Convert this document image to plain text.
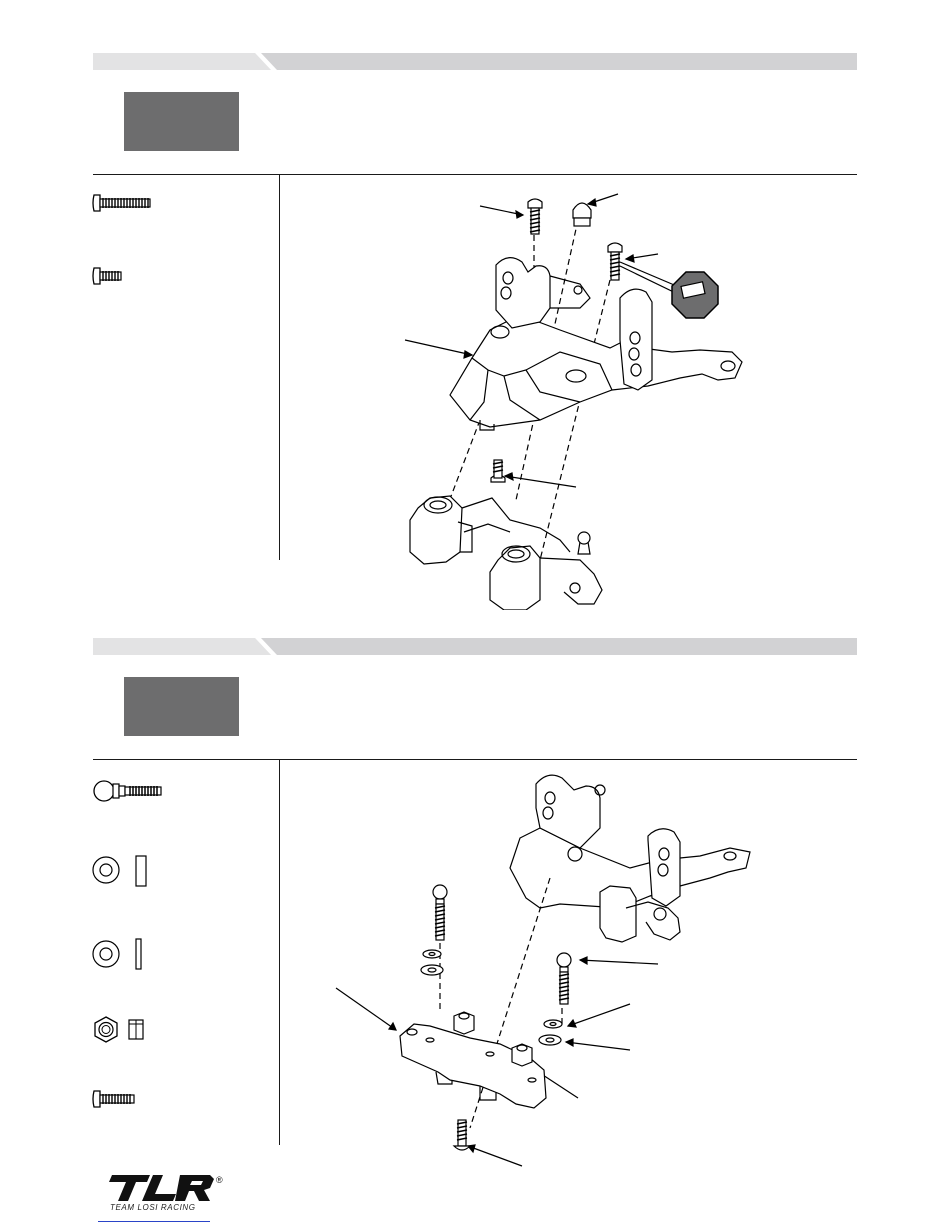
TEAM LOSI RACING
®
